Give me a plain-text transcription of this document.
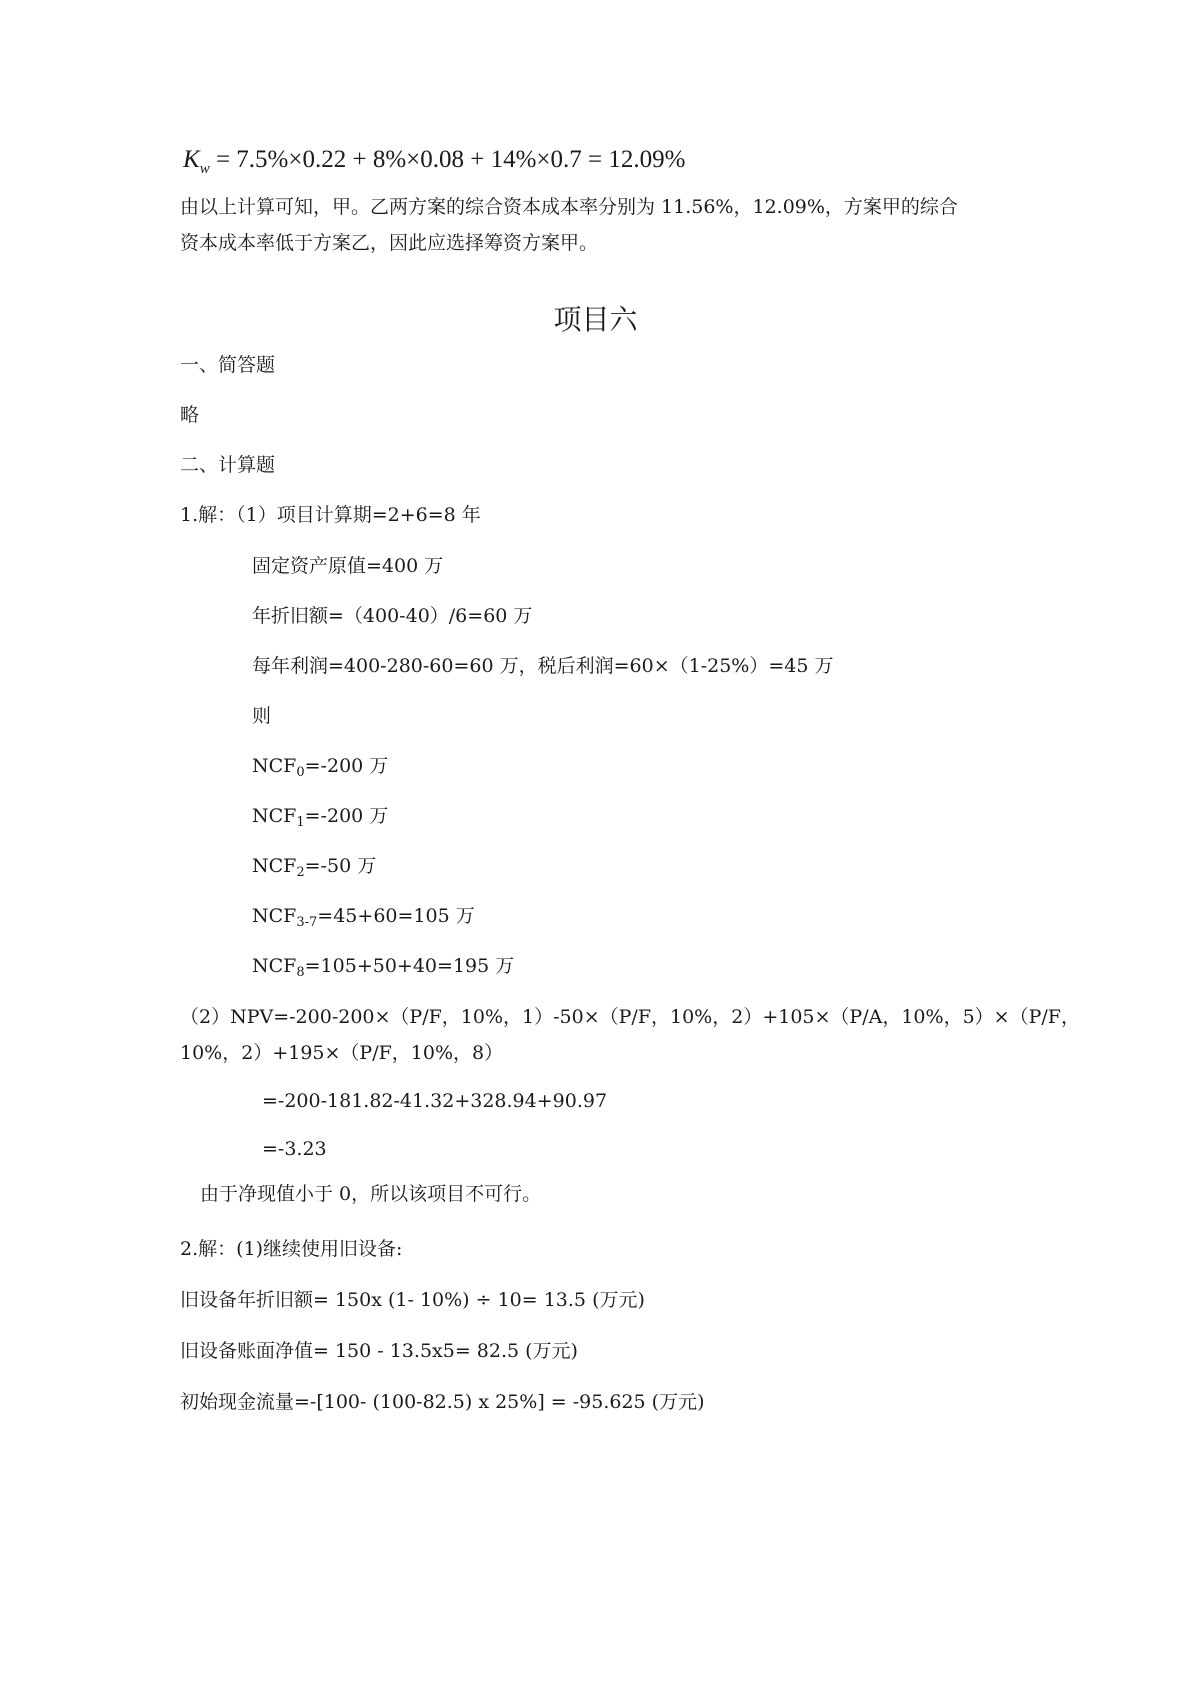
$K_w = 7.5\%\times 0.22 + 8\%\times 0.08 + 14\%\times 0.7 = 12.09\%$
由以上计算可知，甲。乙两方案的综合资本成本率分别为 11.56%，12.09%，方案甲的综合
资本成本率低于方案乙，因此应选择筹资方案甲。
项目六
一、简答题
略
二、计算题
1.解：（1）项目计算期=2+6=8 年
固定资产原值=400 万
年折旧额=（400-40）/6=60 万
每年利润=400-280-60=60 万，税后利润=60×（1-25%）=45 万
则
$NCF_0=-200$ 万
$NCF_1=-200$ 万
$NCF_2=-50$ 万
$NCF_{3-7}=45+60=105$ 万
$NCF_8=105+50+40=195$ 万
（2）NPV=-200-200×（P/F，10%，1）-50×（P/F，10%，2）+105×（P/A，10%，5）×（P/F，
10%，2）+195×（P/F，10%，8）
=-200-181.82-41.32+328.94+90.97
=-3.23
由于净现值小于 0，所以该项目不可行。
2.解：(1)继续使用旧设备:
旧设备年折旧额= 150x (1- 10%) ÷ 10= 13.5 (万元)
旧设备账面净值= 150 - 13.5x5= 82.5 (万元)
初始现金流量=-[100- (100-82.5) x 25%] = -95.625 (万元)
